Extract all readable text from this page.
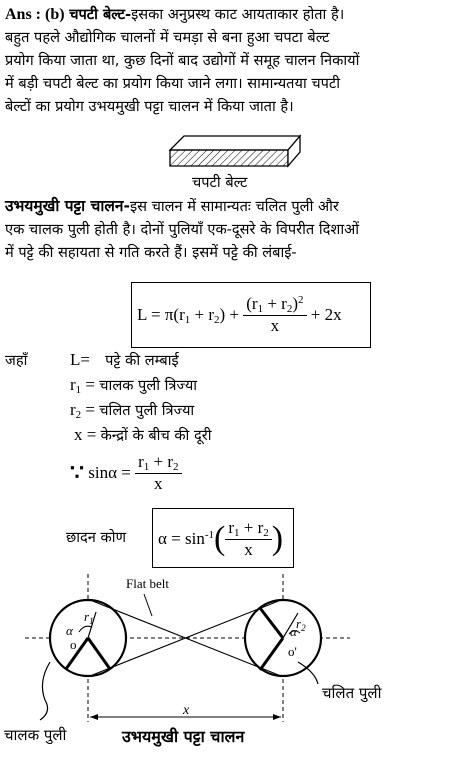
Ans : (b) चपटी बेल्ट-इसका अनुप्रस्थ काट आयताकार होता है।
बहुत पहले औद्योगिक चालनों में चमड़ा से बना हुआ चपटा बेल्ट
प्रयोग किया जाता था, कुछ दिनों बाद उद्योगों में समूह चालन निकायों
में बड़ी चपटी बेल्ट का प्रयोग किया जाने लगा। सामान्यतया चपटी
बेल्टों का प्रयोग उभयमुखी पट्टा चालन में किया जाता है।
चपटी बेल्ट
उभयमुखी पट्टा चालन-इस चालन में सामान्यतः चलित पुली और
एक चालक पुली होती है। दोनों पुलियाँ एक-दूसरे के विपरीत दिशाओं
में पट्टे की सहायता से गति करते हैं। इसमें पट्टे की लंबाई-
$L = \pi(r_1 + r_2) + \frac{(r_1 + r_2)^2}{x} + 2x$
जहाँ	L= पट्टे की लम्बाई
$r_1$ = चालक पुली त्रिज्या
$r_2$ = चलित पुली त्रिज्या
x = केन्द्रों के बीच की दूरी
∵ $\sin\alpha = \frac{r_1 + r_2}{x}$
छादन कोण $\alpha = \sin^{-1}( \frac{r_1 + r_2}{x}$ )
Flat belt
$r_1$
α
o
$r_2$
α
o'
x
चलित पुली
चालक पुली	उभयमुखी पट्टा चालन
